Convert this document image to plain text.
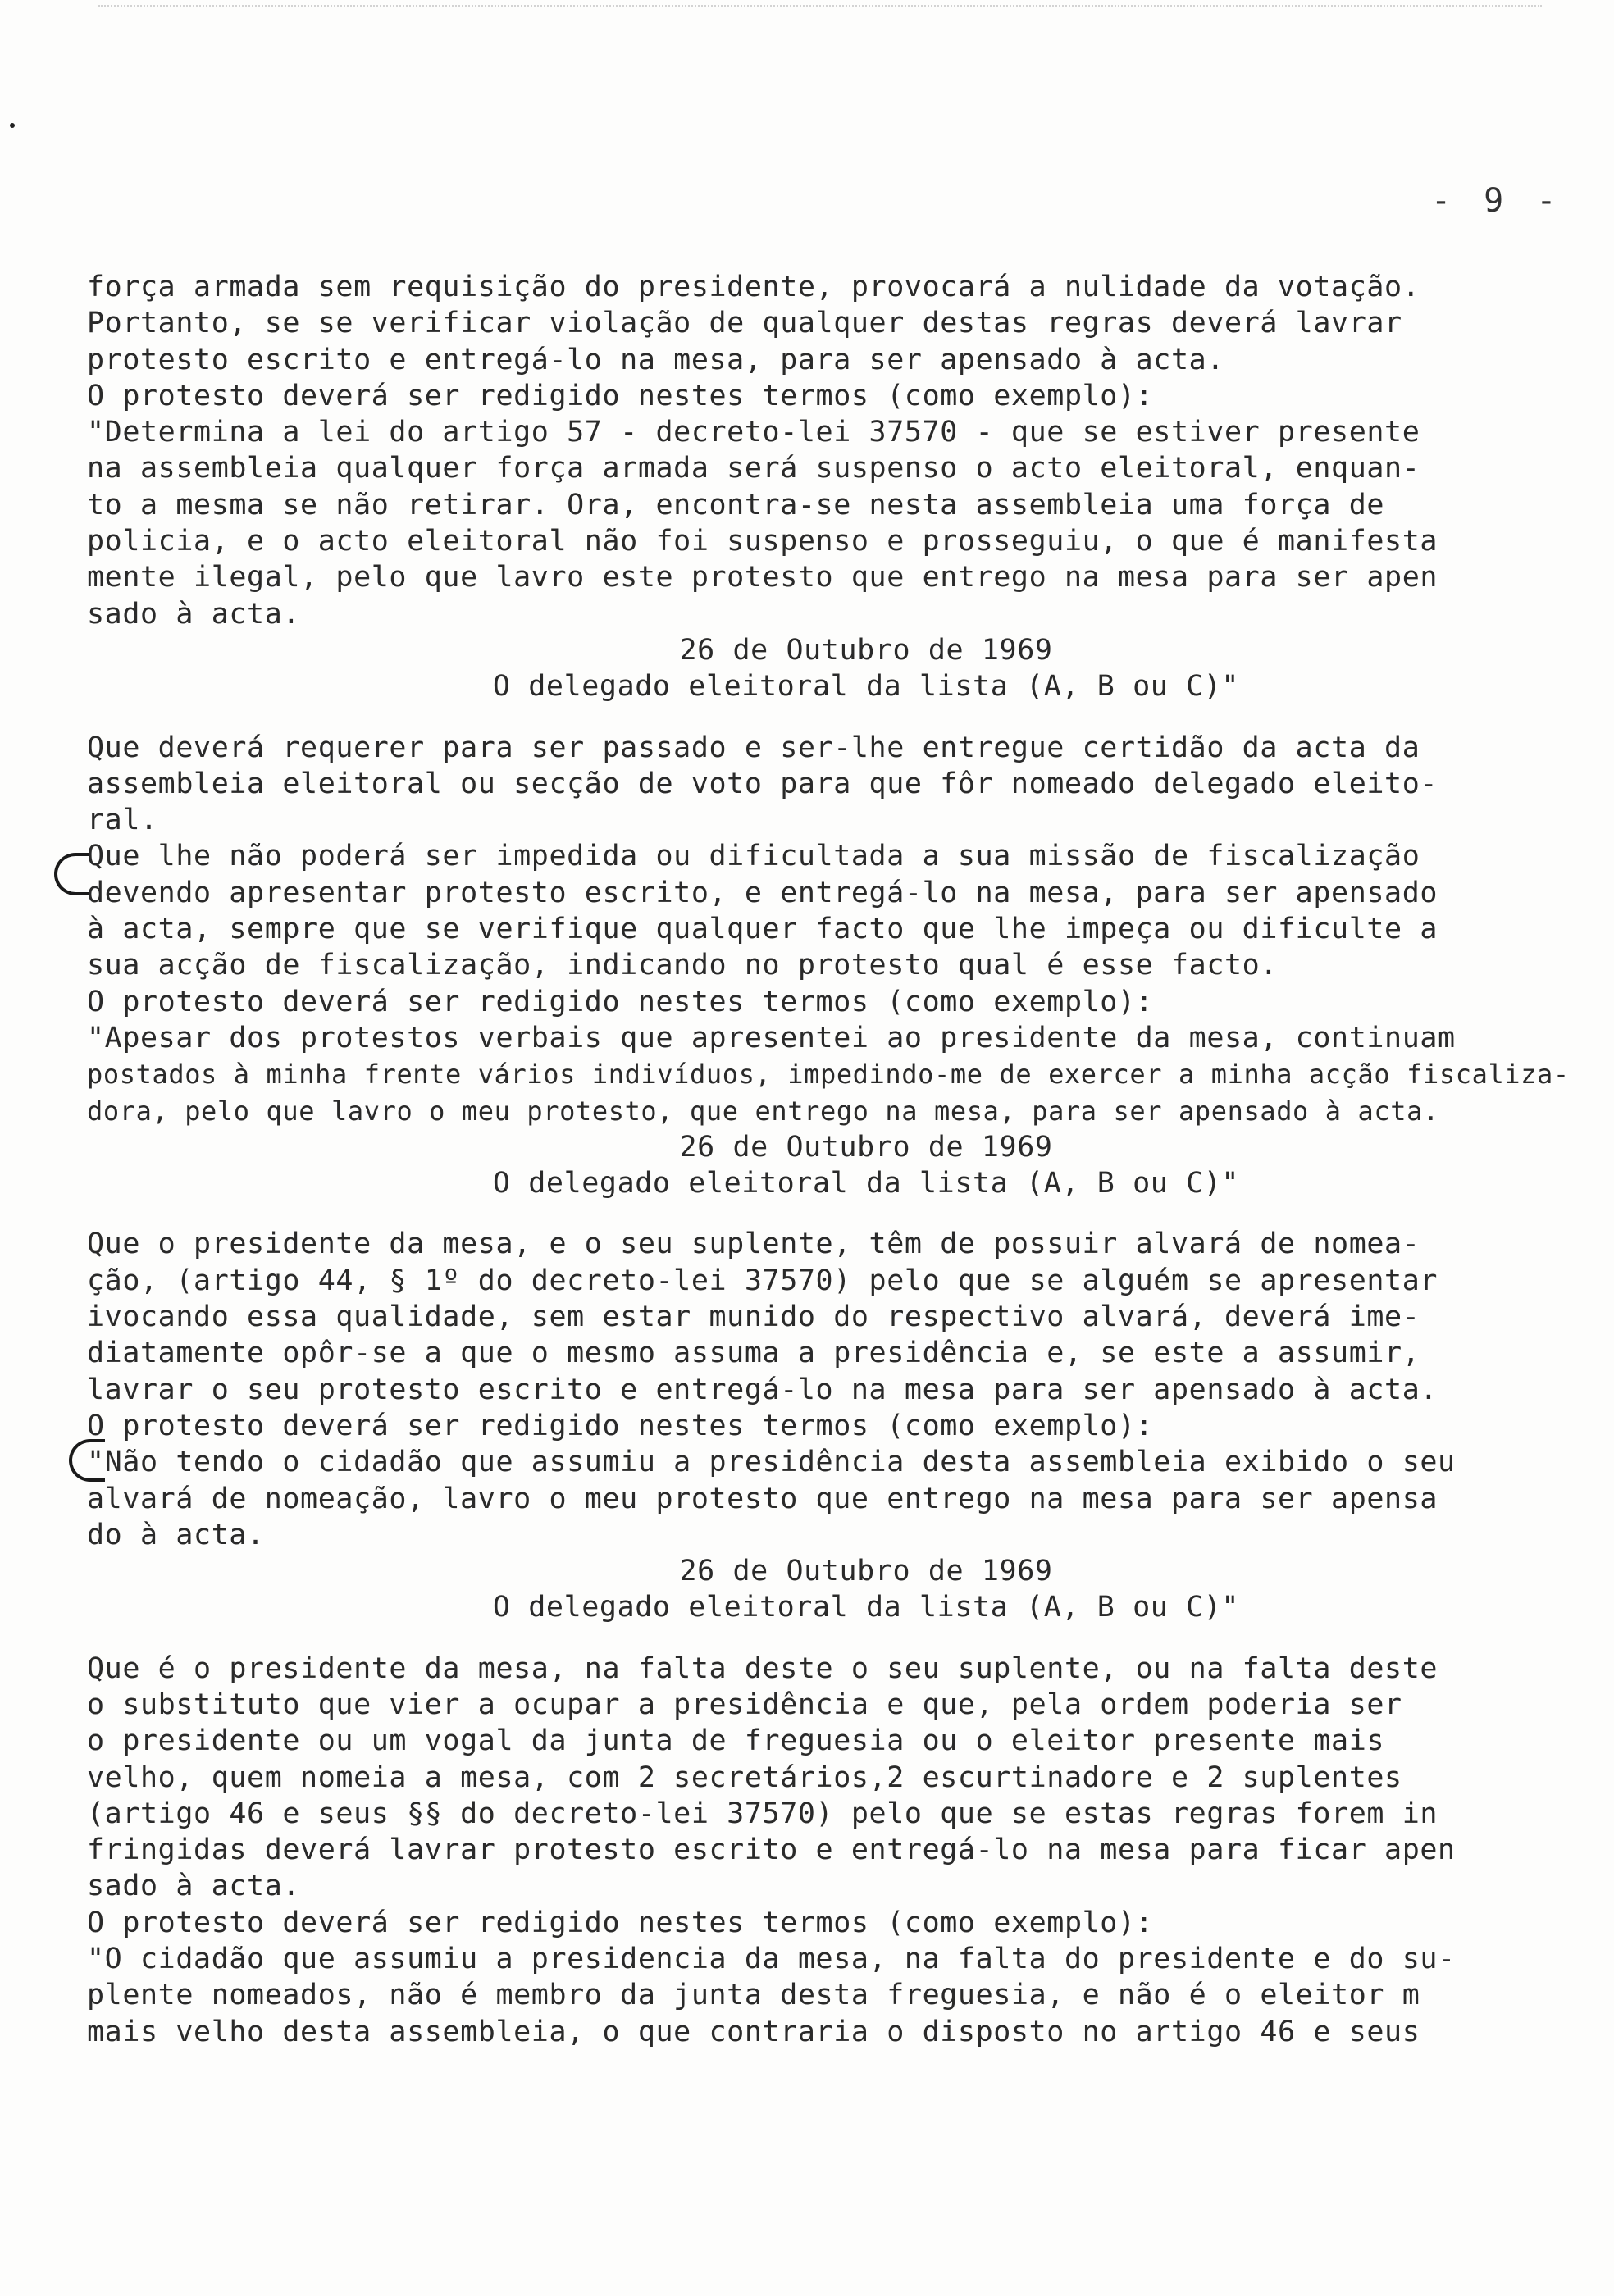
- 9 -
força armada sem requisição do presidente, provocará a nulidade da votação.
Portanto, se se verificar violação de qualquer destas regras deverá lavrar
protesto escrito e entregá-lo na mesa, para ser apensado à acta.
O protesto deverá ser redigido nestes termos (como exemplo):
"Determina a lei do artigo 57 - decreto-lei 37570 - que se estiver presente
na assembleia qualquer força armada será suspenso o acto eleitoral, enquan-
to a mesma se não retirar. Ora, encontra-se nesta assembleia uma força de
policia, e o acto eleitoral não foi suspenso e prosseguiu, o que é manifesta
mente ilegal, pelo que lavro este protesto que entrego na mesa para ser apen
sado à acta.
26 de Outubro de 1969
O delegado eleitoral da lista (A, B ou C)"
Que deverá requerer para ser passado e ser-lhe entregue certidão da acta da
assembleia eleitoral ou secção de voto para que fôr nomeado delegado eleito-
ral.
Que lhe não poderá ser impedida ou dificultada a sua missão de fiscalização
devendo apresentar protesto escrito, e entregá-lo na mesa, para ser apensado
à acta, sempre que se verifique qualquer facto que lhe impeça ou dificulte a
sua acção de fiscalização, indicando no protesto qual é esse facto.
O protesto deverá ser redigido nestes termos (como exemplo):
"Apesar dos protestos verbais que apresentei ao presidente da mesa, continuam
postados à minha frente vários indivíduos, impedindo-me de exercer a minha acção fiscaliza-
dora, pelo que lavro o meu protesto, que entrego na mesa, para ser apensado à acta.
26 de Outubro de 1969
O delegado eleitoral da lista (A, B ou C)"
Que o presidente da mesa, e o seu suplente, têm de possuir alvará de nomea-
ção, (artigo 44, § 1º do decreto-lei 37570) pelo que se alguém se apresentar
ivocando essa qualidade, sem estar munido do respectivo alvará, deverá ime-
diatamente opôr-se a que o mesmo assuma a presidência e, se este a assumir,
lavrar o seu protesto escrito e entregá-lo na mesa para ser apensado à acta.
O protesto deverá ser redigido nestes termos (como exemplo):
"Não tendo o cidadão que assumiu a presidência desta assembleia exibido o seu
alvará de nomeação, lavro o meu protesto que entrego na mesa para ser apensa
do à acta.
26 de Outubro de 1969
O delegado eleitoral da lista (A, B ou C)"
Que é o presidente da mesa, na falta deste o seu suplente, ou na falta deste
o substituto que vier a ocupar a presidência e que, pela ordem poderia ser
o presidente ou um vogal da junta de freguesia ou o eleitor presente mais
velho, quem nomeia a mesa, com 2 secretários,2 escurtinadore e 2 suplentes
(artigo 46 e seus §§ do decreto-lei 37570) pelo que se estas regras forem in
fringidas deverá lavrar protesto escrito e entregá-lo na mesa para ficar apen
sado à acta.
O protesto deverá ser redigido nestes termos (como exemplo):
"O cidadão que assumiu a presidencia da mesa, na falta do presidente e do su-
plente nomeados, não é membro da junta desta freguesia, e não é o eleitor m
mais velho desta assembleia, o que contraria o disposto no artigo 46 e seus
